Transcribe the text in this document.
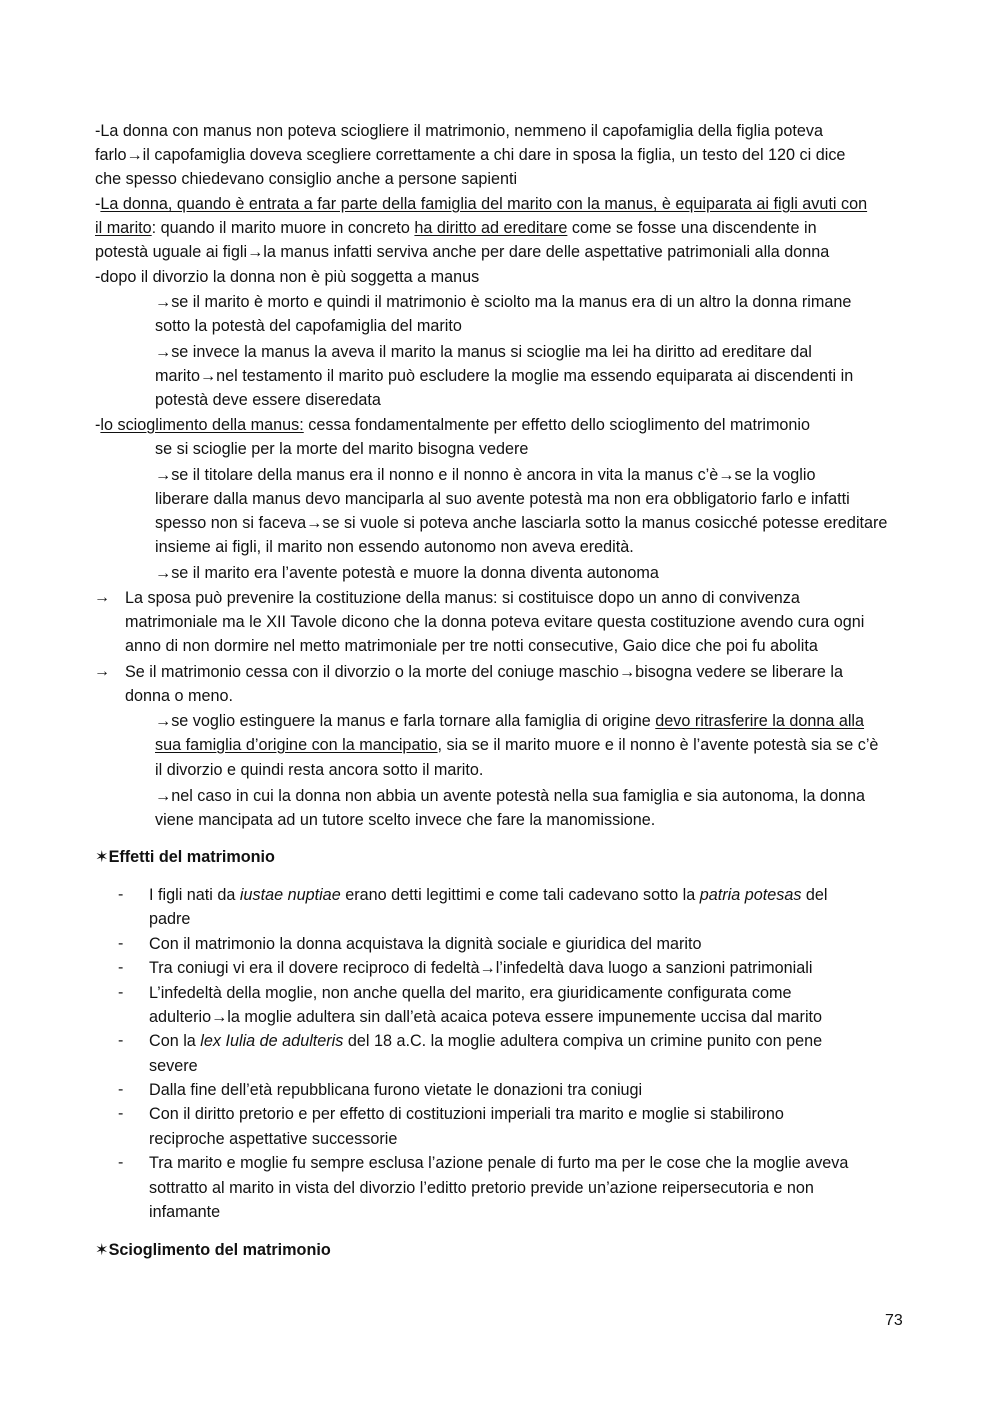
-La donna con manus non poteva sciogliere il matrimonio, nemmeno il capofamiglia della figlia poteva
farlo→il capofamiglia doveva scegliere correttamente a chi dare in sposa la figlia, un testo del 120 ci dice
che spesso chiedevano consiglio anche a persone sapienti
-La donna, quando è entrata a far parte della famiglia del marito con la manus, è equiparata ai figli avuti con
il marito: quando il marito muore in concreto ha diritto ad ereditare come se fosse una discendente in
potestà uguale ai figli→la manus infatti serviva anche per dare delle aspettative patrimoniali alla donna
-dopo il divorzio la donna non è più soggetta a manus
→se il marito è morto e quindi il matrimonio è sciolto ma la manus era di un altro la donna rimane
sotto la potestà del capofamiglia del marito
→se invece la manus la aveva il marito la manus si scioglie ma lei ha diritto ad ereditare dal
marito→nel testamento il marito può escludere la moglie ma essendo equiparata ai discendenti in
potestà deve essere diseredata
-lo scioglimento della manus: cessa fondamentalmente per effetto dello scioglimento del matrimonio
se si scioglie per la morte del marito bisogna vedere
→se il titolare della manus era il nonno e il nonno è ancora in vita la manus c’è→se la voglio
liberare dalla manus devo manciparla al suo avente potestà ma non era obbligatorio farlo e infatti
spesso non si faceva→se si vuole si poteva anche lasciarla sotto la manus cosicché potesse ereditare
insieme ai figli, il marito non essendo autonomo non aveva eredità.
→se il marito era l’avente potestà e muore la donna diventa autonoma
→ La sposa può prevenire la costituzione della manus: si costituisce dopo un anno di convivenza
matrimoniale ma le XII Tavole dicono che la donna poteva evitare questa costituzione avendo cura ogni
anno di non dormire nel metto matrimoniale per tre notti consecutive, Gaio dice che poi fu abolita
→ Se il matrimonio cessa con il divorzio o la morte del coniuge maschio→bisogna vedere se liberare la
donna o meno.
→se voglio estinguere la manus e farla tornare alla famiglia di origine devo ritrasferire la donna alla
sua famiglia d’origine con la mancipatio, sia se il marito muore e il nonno è l’avente potestà sia se c’è
il divorzio e quindi resta ancora sotto il marito.
→nel caso in cui la donna non abbia un avente potestà nella sua famiglia e sia autonoma, la donna
viene mancipata ad un tutore scelto invece che fare la manomissione.
✶Effetti del matrimonio
- I figli nati da iustae nuptiae erano detti legittimi e come tali cadevano sotto la patria potesas del
padre
- Con il matrimonio la donna acquistava la dignità sociale e giuridica del marito
- Tra coniugi vi era il dovere reciproco di fedeltà→l’infedeltà dava luogo a sanzioni patrimoniali
- L’infedeltà della moglie, non anche quella del marito, era giuridicamente configurata come
adulterio→la moglie adultera sin dall’età acaica poteva essere impunemente uccisa dal marito
- Con la lex Iulia de adulteris del 18 a.C. la moglie adultera compiva un crimine punito con pene
severe
- Dalla fine dell’età repubblicana furono vietate le donazioni tra coniugi
- Con il diritto pretorio e per effetto di costituzioni imperiali tra marito e moglie si stabilirono
reciproche aspettative successorie
- Tra marito e moglie fu sempre esclusa l’azione penale di furto ma per le cose che la moglie aveva
sottratto al marito in vista del divorzio l’editto pretorio previde un’azione reipersecutoria e non
infamante
✶Scioglimento del matrimonio
73
